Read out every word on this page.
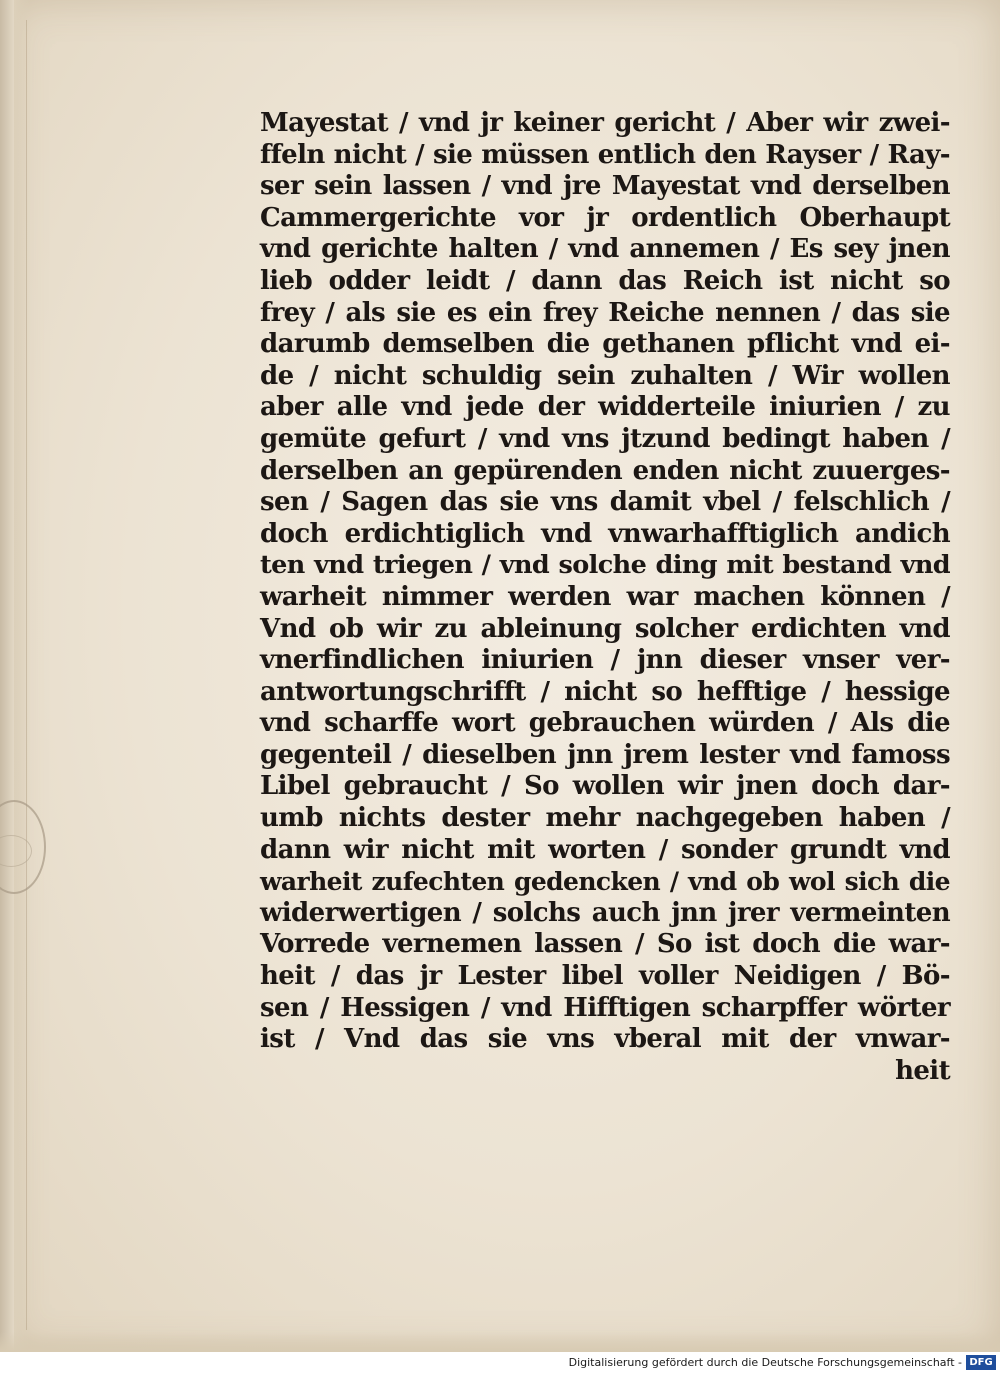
Mayestat / vnd jr keiner gericht / Aber wir zwei-
ffeln nicht / sie müssen entlich den Rayser / Ray-
ser sein lassen / vnd jre Mayestat vnd derselben
Cammergerichte vor jr ordentlich Oberhaupt
vnd gerichte halten / vnd annemen / Es sey jnen
lieb odder leidt / dann das Reich ist nicht so
frey / als sie es ein frey Reiche nennen / das sie
darumb demselben die gethanen pflicht vnd ei-
de / nicht schuldig sein zuhalten / Wir wollen
aber alle vnd jede der widderteile iniurien / zu
gemüte gefurt / vnd vns jtzund bedingt haben /
derselben an gepürenden enden nicht zuuerges-
sen / Sagen das sie vns damit vbel / felschlich /
doch erdichtiglich vnd vnwarhafftiglich andich
ten vnd triegen / vnd solche ding mit bestand vnd
warheit nimmer werden war machen können /
Vnd ob wir zu ableinung solcher erdichten vnd
vnerfindlichen iniurien / jnn dieser vnser ver-
antwortungschrifft / nicht so hefftige / hessige
vnd scharffe wort gebrauchen würden / Als die
gegenteil / dieselben jnn jrem lester vnd famoss
Libel gebraucht / So wollen wir jnen doch dar-
umb nichts dester mehr nachgegeben haben /
dann wir nicht mit worten / sonder grundt vnd
warheit zufechten gedencken / vnd ob wol sich die
widerwertigen / solchs auch jnn jrer vermeinten
Vorrede vernemen lassen / So ist doch die war-
heit / das jr Lester libel voller Neidigen / Bö-
sen / Hessigen / vnd Hifftigen scharpffer wörter
ist / Vnd das sie vns vberal mit der vnwar-
heit
Digitalisierung gefördert durch die Deutsche Forschungsgemeinschaft - DFG
